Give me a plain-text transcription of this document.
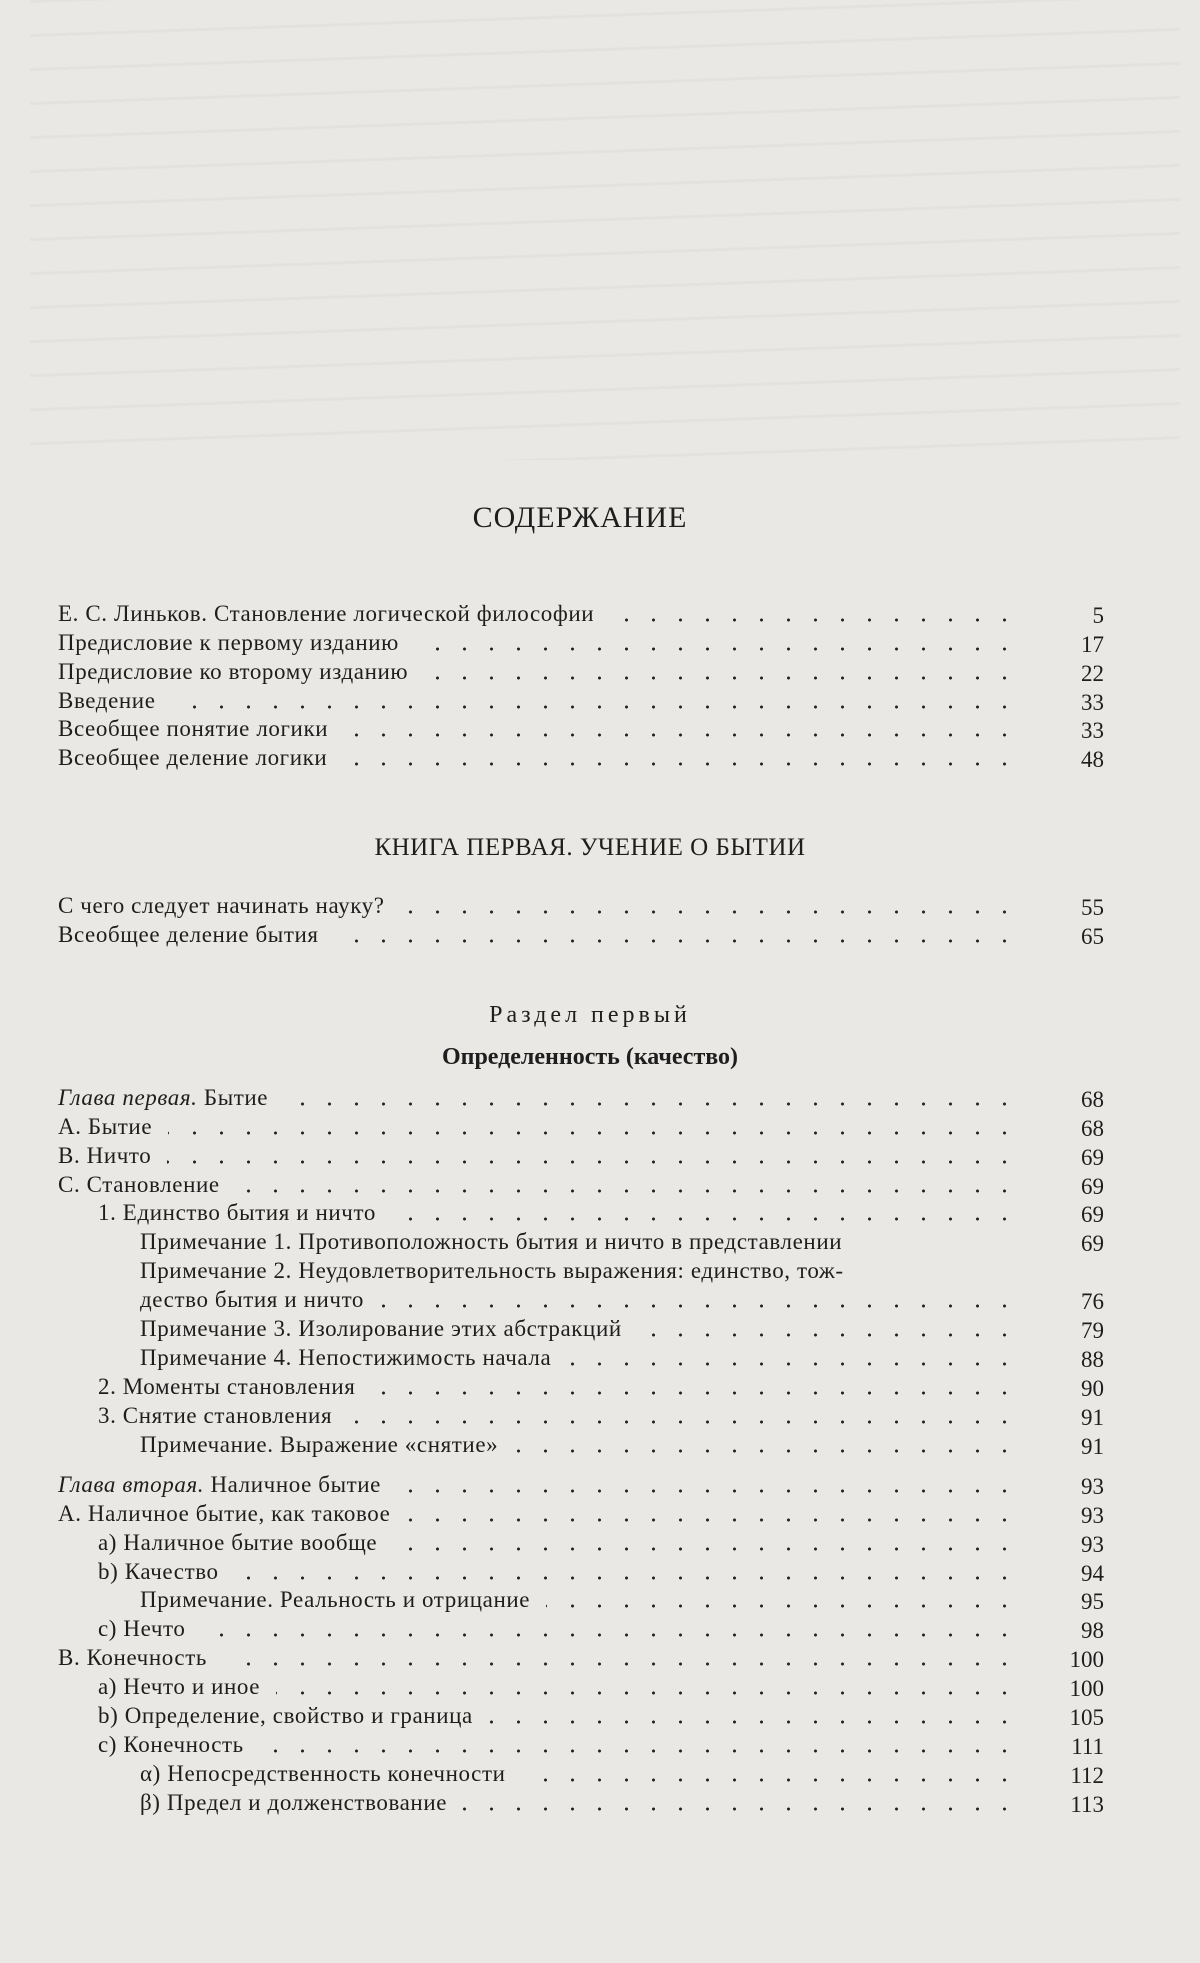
СОДЕРЖАНИЕ
Е. С. Линьков. Становление логической философии	5
Предисловие к первому изданию	17
Предисловие ко второму изданию	22
Введение	33
Всеобщее понятие логики	33
Всеобщее деление логики	48
КНИГА ПЕРВАЯ. УЧЕНИЕ О БЫТИИ
С чего следует начинать науку?	55
Всеобщее деление бытия	65
Раздел первый
Определенность (качество)
Глава первая. Бытие	68
A. Бытие	68
B. Ничто	69
C. Становление	69
1. Единство бытия и ничто	69
Примечание 1. Противоположность бытия и ничто в представлении	69
Примечание 2. Неудовлетворительность выражения: единство, тож-
дество бытия и ничто	76
Примечание 3. Изолирование этих абстракций	79
Примечание 4. Непостижимость начала	88
2. Моменты становления	90
3. Снятие становления	91
Примечание. Выражение «снятие»	91
Глава вторая. Наличное бытие	93
A. Наличное бытие, как таковое	93
a) Наличное бытие вообще	93
b) Качество	94
Примечание. Реальность и отрицание	95
c) Нечто	98
B. Конечность	100
a) Нечто и иное	100
b) Определение, свойство и граница	105
c) Конечность	111
α) Непосредственность конечности	112
β) Предел и долженствование	113
